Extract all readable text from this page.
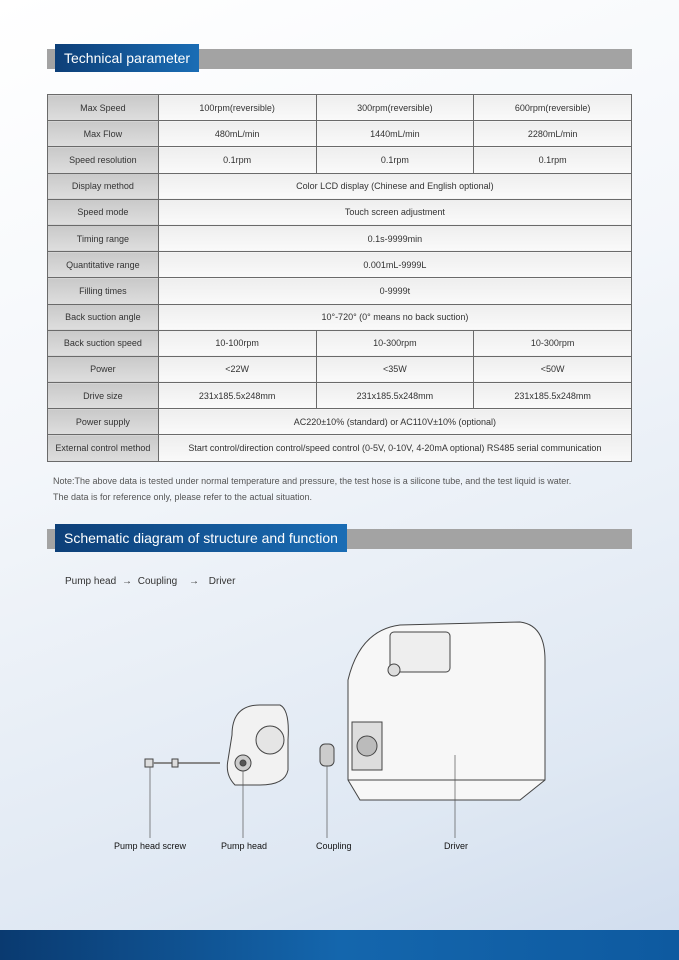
Technical parameter
Max Speed	100rpm(reversible)	300rpm(reversible)	600rpm(reversible)
Max Flow	480mL/min	1440mL/min	2280mL/min
Speed resolution	0.1rpm	0.1rpm	0.1rpm
Display method	Color LCD display (Chinese and English optional)		
Speed mode	Touch screen adjustment		
Timing range	0.1s-9999min		
Quantitative range	0.001mL-9999L		
Filling times	0-9999t		
Back suction angle	10°-720° (0° means no back suction)		
Back suction speed	10-100rpm	10-300rpm	10-300rpm
Power	<22W	<35W	<50W
Drive size	231x185.5x248mm	231x185.5x248mm	231x185.5x248mm
Power supply	AC220±10% (standard) or AC110V±10% (optional)		
External control method	Start control/direction control/speed control (0-5V, 0-10V, 4-20mA optional) RS485 serial communication		
Note:The above data is tested under normal temperature and pressure, the test hose is a silicone tube, and the test liquid is water.
The data is for reference only, please refer to the actual situation.
Schematic diagram of structure and function
Pump head → Coupling → Driver
Pump head screw	Pump head	Coupling	Driver
